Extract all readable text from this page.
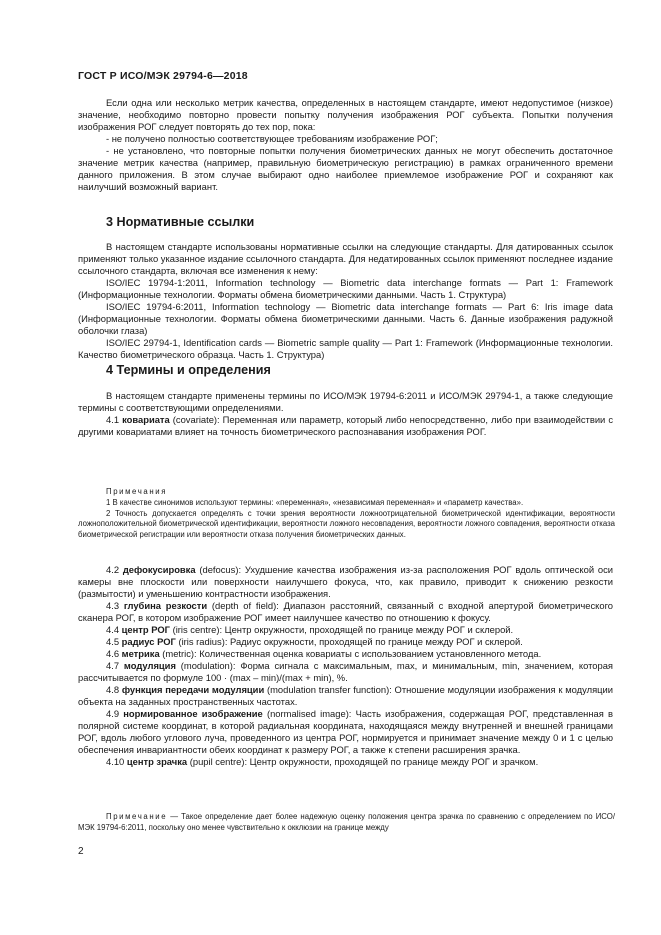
ГОСТ Р ИСО/МЭК 29794-6—2018

Если одна или несколько метрик качества, определенных в настоящем стандарте, имеют недопустимое (низкое) значение, необходимо повторно провести попытку получения изображения РОГ субъекта. Попытки получения изображения РОГ следует повторять до тех пор, пока:

- не получено полностью соответствующее требованиям изображение РОГ;

- не установлено, что повторные попытки получения биометрических данных не могут обеспечить достаточное значение метрик качества (например, правильную биометрическую регистрацию) в рамках ограниченного времени данного приложения. В этом случае выбирают одно наиболее приемлемое изображение РОГ и сохраняют как наилучший возможный вариант.

3 Нормативные ссылки

В настоящем стандарте использованы нормативные ссылки на следующие стандарты. Для датированных ссылок применяют только указанное издание ссылочного стандарта. Для недатированных ссылок применяют последнее издание ссылочного стандарта, включая все изменения к нему:

ISO/IEC 19794-1:2011, Information technology — Biometric data interchange formats — Part 1: Framework (Информационные технологии. Форматы обмена биометрическими данными. Часть 1. Структура)

ISO/IEC 19794-6:2011, Information technology — Biometric data interchange formats — Part 6: Iris image data (Информационные технологии. Форматы обмена биометрическими данными. Часть 6. Данные изображения радужной оболочки глаза)

ISO/IEC 29794-1, Identification cards — Biometric sample quality — Part 1: Framework (Информационные технологии. Качество биометрического образца. Часть 1. Структура)

4 Термины и определения

В настоящем стандарте применены термины по ИСО/МЭК 19794-6:2011 и ИСО/МЭК 29794-1, а также следующие термины с соответствующими определениями.

4.1 ковариата (covariate): Переменная или параметр, который либо непосредственно, либо при взаимодействии с другими ковариатами влияет на точность биометрического распознавания изображения РОГ.

Примечания

1 В качестве синонимов используют термины: «переменная», «независимая переменная» и «параметр качества».

2 Точность допускается определять с точки зрения вероятности ложноотрицательной биометрической идентификации, вероятности ложноположительной биометрической идентификации, вероятности ложного несовпадения, вероятности ложного совпадения, вероятности отказа биометрической регистрации или вероятности отказа получения биометрических данных.

4.2 дефокусировка (defocus): Ухудшение качества изображения из-за расположения РОГ вдоль оптической оси камеры вне плоскости или поверхности наилучшего фокуса, что, как правило, приводит к снижению резкости (размытости) и уменьшению контрастности изображения.

4.3 глубина резкости (depth of field): Диапазон расстояний, связанный с входной апертурой биометрического сканера РОГ, в котором изображение РОГ имеет наилучшее качество по отношению к фокусу.

4.4 центр РОГ (iris centre): Центр окружности, проходящей по границе между РОГ и склерой.

4.5 радиус РОГ (iris radius): Радиус окружности, проходящей по границе между РОГ и склерой.

4.6 метрика (metric): Количественная оценка ковариаты с использованием установленного метода.

4.7 модуляция (modulation): Форма сигнала с максимальным, max, и минимальным, min, значением, которая рассчитывается по формуле 100 · (max – min)/(max + min), %.

4.8 функция передачи модуляции (modulation transfer function): Отношение модуляции изображения к модуляции объекта на заданных пространственных частотах.

4.9 нормированное изображение (normalised image): Часть изображения, содержащая РОГ, представленная в полярной системе координат, в которой радиальная координата, находящаяся между внутренней и внешней границами РОГ, вдоль любого углового луча, проведенного из центра РОГ, нормируется и принимает значение между 0 и 1 с целью обеспечения инвариантности обеих координат к размеру РОГ, а также к степени расширения зрачка.

4.10 центр зрачка (pupil centre): Центр окружности, проходящей по границе между РОГ и зрачком.

Примечание — Такое определение дает более надежную оценку положения центра зрачка по сравнению с определением по ИСО/МЭК 19794-6:2011, поскольку оно менее чувствительно к окклюзии на границе между

2
